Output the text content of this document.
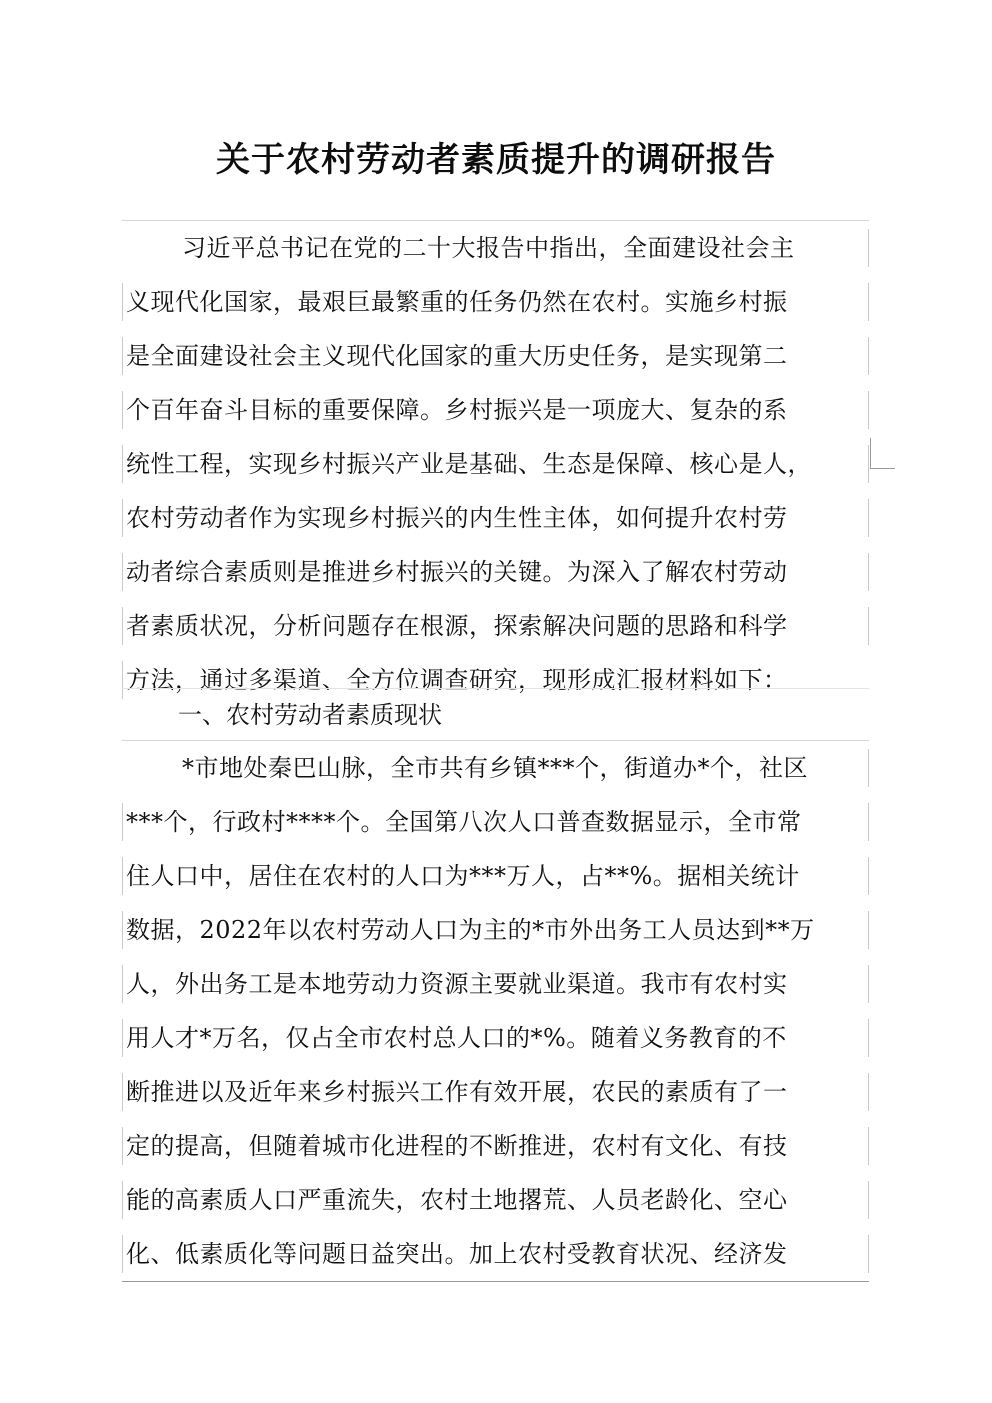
关于农村劳动者素质提升的调研报告
习近平总书记在党的二十大报告中指出，全面建设社会主
义现代化国家，最艰巨最繁重的任务仍然在农村。实施乡村振
是全面建设社会主义现代化国家的重大历史任务，是实现第二
个百年奋斗目标的重要保障。乡村振兴是一项庞大、复杂的系
统性工程，实现乡村振兴产业是基础、生态是保障、核心是人，
农村劳动者作为实现乡村振兴的内生性主体，如何提升农村劳
动者综合素质则是推进乡村振兴的关键。为深入了解农村劳动
者素质状况，分析问题存在根源，探索解决问题的思路和科学
方法，通过多渠道、全方位调查研究，现形成汇报材料如下：
一、农村劳动者素质现状
*市地处秦巴山脉，全市共有乡镇***个，街道办*个，社区
***个，行政村****个。全国第八次人口普查数据显示，全市常
住人口中，居住在农村的人口为***万人，占**%。据相关统计
数据，2022年以农村劳动人口为主的*市外出务工人员达到**万
人，外出务工是本地劳动力资源主要就业渠道。我市有农村实
用人才*万名，仅占全市农村总人口的*%。随着义务教育的不
断推进以及近年来乡村振兴工作有效开展，农民的素质有了一
定的提高，但随着城市化进程的不断推进，农村有文化、有技
能的高素质人口严重流失，农村土地撂荒、人员老龄化、空心
化、低素质化等问题日益突出。加上农村受教育状况、经济发
